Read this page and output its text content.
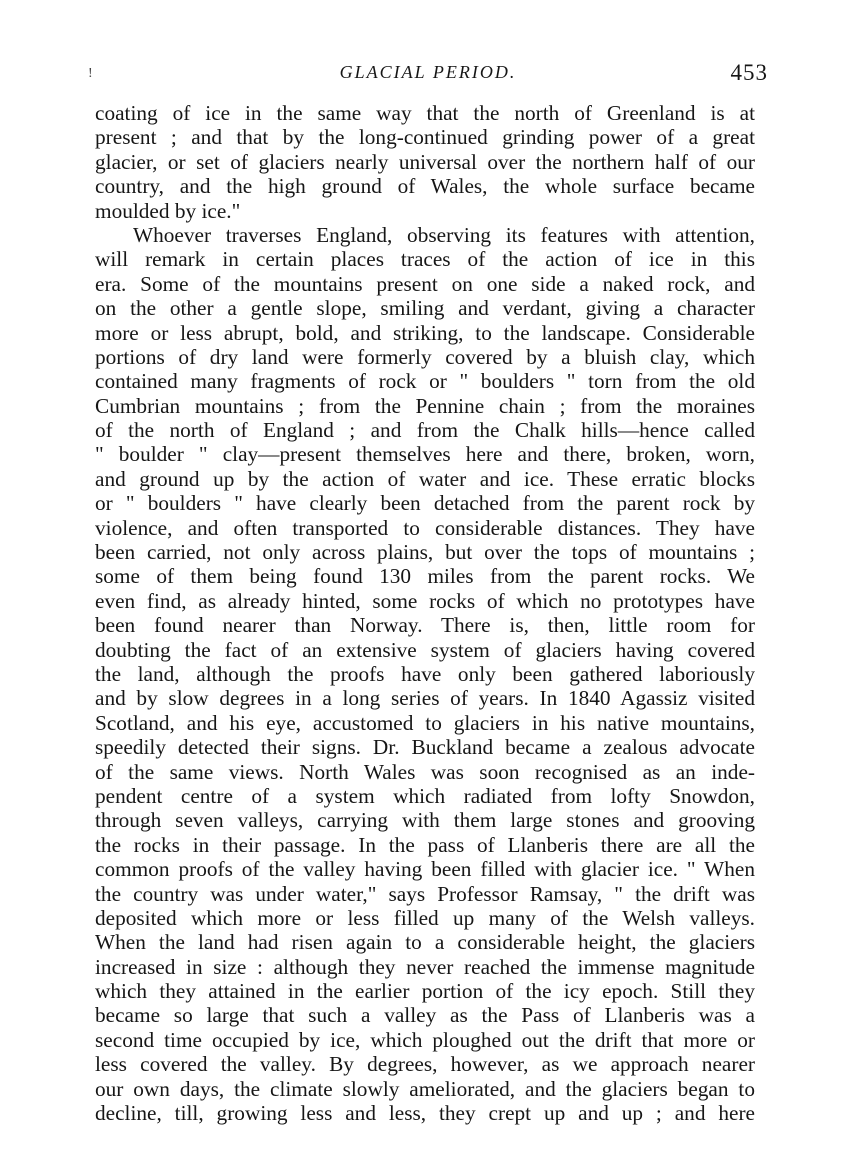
!	GLACIAL PERIOD.	453
coating of ice in the same way that the north of Greenland is at
present ; and that by the long-continued grinding power of a great
glacier, or set of glaciers nearly universal over the northern half of our
country, and the high ground of Wales, the whole surface became
moulded by ice."
Whoever traverses England, observing its features with attention,
will remark in certain places traces of the action of ice in this
era. Some of the mountains present on one side a naked rock, and
on the other a gentle slope, smiling and verdant, giving a character
more or less abrupt, bold, and striking, to the landscape. Considerable
portions of dry land were formerly covered by a bluish clay, which
contained many fragments of rock or " boulders " torn from the old
Cumbrian mountains ; from the Pennine chain ; from the moraines
of the north of England ; and from the Chalk hills—hence called
" boulder " clay—present themselves here and there, broken, worn,
and ground up by the action of water and ice. These erratic blocks
or " boulders " have clearly been detached from the parent rock by
violence, and often transported to considerable distances. They have
been carried, not only across plains, but over the tops of mountains ;
some of them being found 130 miles from the parent rocks. We
even find, as already hinted, some rocks of which no prototypes have
been found nearer than Norway. There is, then, little room for
doubting the fact of an extensive system of glaciers having covered
the land, although the proofs have only been gathered laboriously
and by slow degrees in a long series of years. In 1840 Agassiz visited
Scotland, and his eye, accustomed to glaciers in his native mountains,
speedily detected their signs. Dr. Buckland became a zealous advocate
of the same views. North Wales was soon recognised as an inde-
pendent centre of a system which radiated from lofty Snowdon,
through seven valleys, carrying with them large stones and grooving
the rocks in their passage. In the pass of Llanberis there are all the
common proofs of the valley having been filled with glacier ice. " When
the country was under water," says Professor Ramsay, " the drift was
deposited which more or less filled up many of the Welsh valleys.
When the land had risen again to a considerable height, the glaciers
increased in size : although they never reached the immense magnitude
which they attained in the earlier portion of the icy epoch. Still they
became so large that such a valley as the Pass of Llanberis was a
second time occupied by ice, which ploughed out the drift that more or
less covered the valley. By degrees, however, as we approach nearer
our own days, the climate slowly ameliorated, and the glaciers began to
decline, till, growing less and less, they crept up and up ; and here
